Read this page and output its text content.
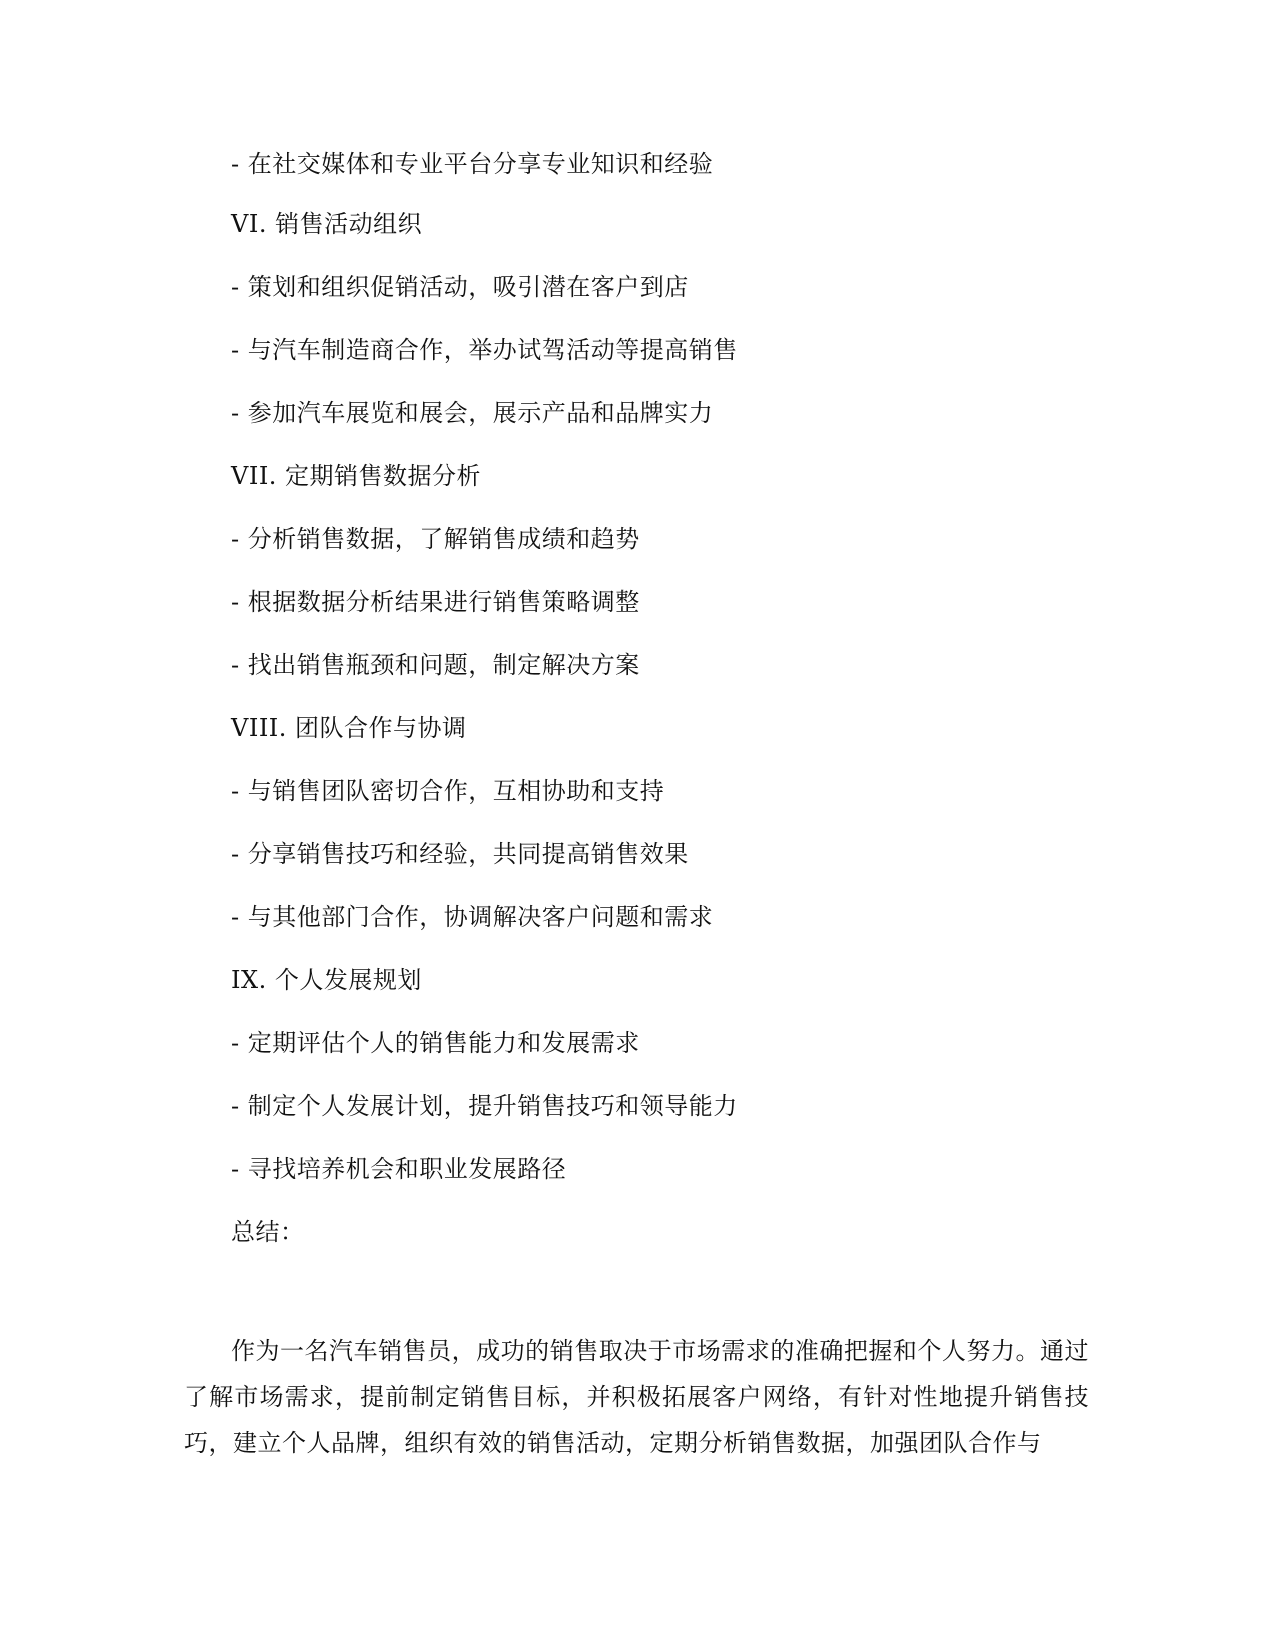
- 在社交媒体和专业平台分享专业知识和经验
VI. 销售活动组织
- 策划和组织促销活动，吸引潜在客户到店
- 与汽车制造商合作，举办试驾活动等提高销售
- 参加汽车展览和展会，展示产品和品牌实力
VII. 定期销售数据分析
- 分析销售数据，了解销售成绩和趋势
- 根据数据分析结果进行销售策略调整
- 找出销售瓶颈和问题，制定解决方案
VIII. 团队合作与协调
- 与销售团队密切合作，互相协助和支持
- 分享销售技巧和经验，共同提高销售效果
- 与其他部门合作，协调解决客户问题和需求
IX. 个人发展规划
- 定期评估个人的销售能力和发展需求
- 制定个人发展计划，提升销售技巧和领导能力
- 寻找培养机会和职业发展路径
总结：
作为一名汽车销售员，成功的销售取决于市场需求的准确把握和个人努力。通过了解市场需求，提前制定销售目标，并积极拓展客户网络，有针对性地提升销售技巧，建立个人品牌，组织有效的销售活动，定期分析销售数据，加强团队合作与
